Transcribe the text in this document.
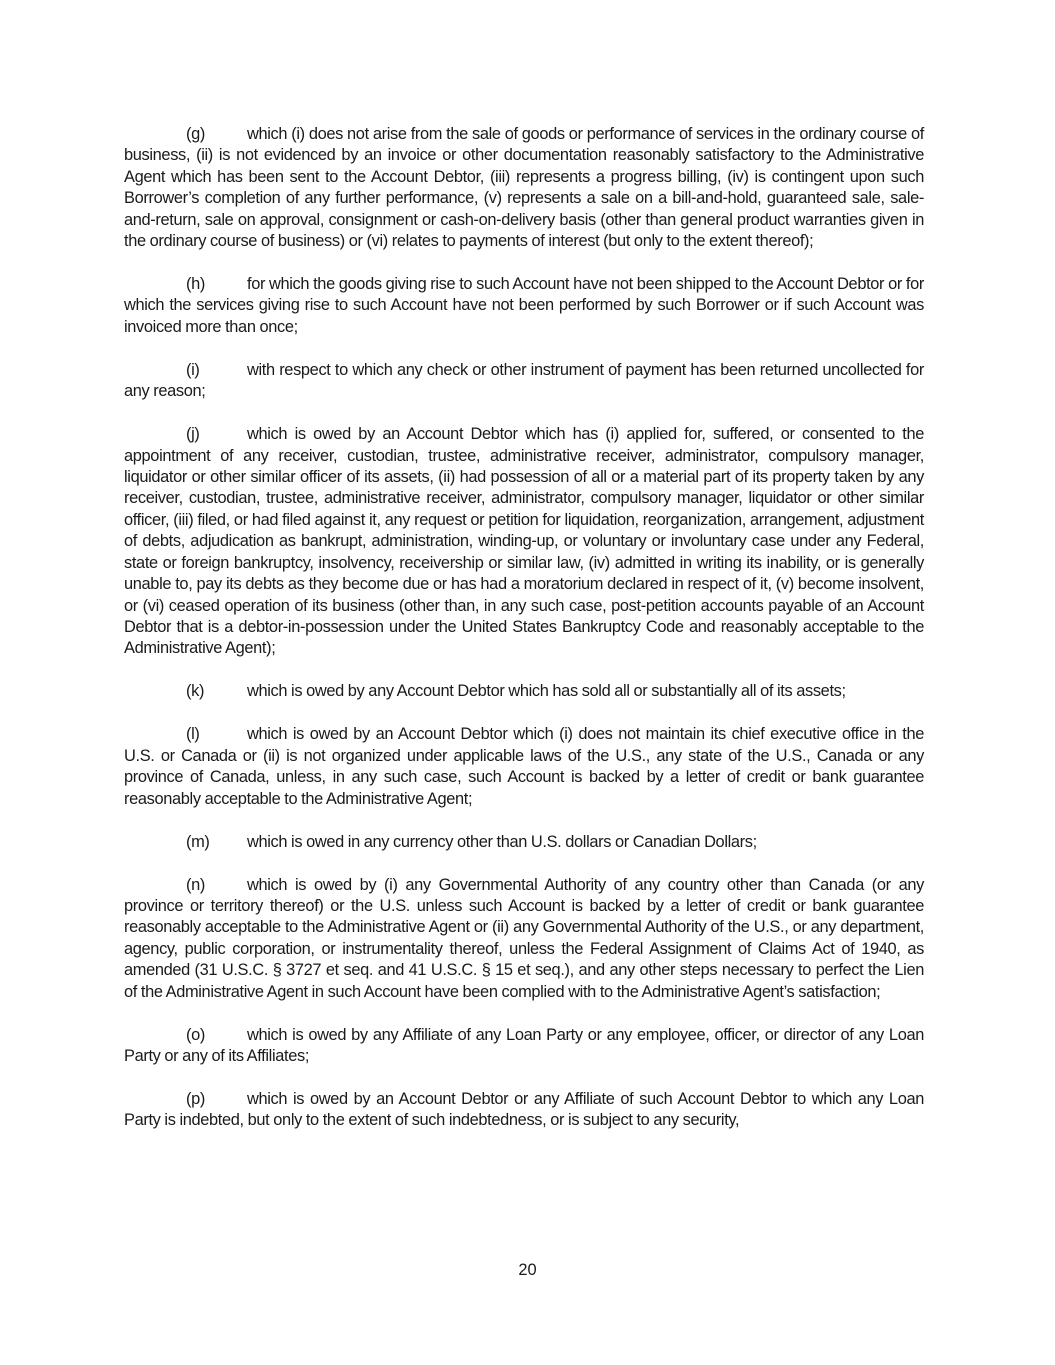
(g)	which (i) does not arise from the sale of goods or performance of services in the ordinary course of business, (ii) is not evidenced by an invoice or other documentation reasonably satisfactory to the Administrative Agent which has been sent to the Account Debtor, (iii) represents a progress billing, (iv) is contingent upon such Borrower’s completion of any further performance, (v) represents a sale on a bill-and-hold, guaranteed sale, sale-and-return, sale on approval, consignment or cash-on-delivery basis (other than general product warranties given in the ordinary course of business) or (vi) relates to payments of interest (but only to the extent thereof);

(h)	for which the goods giving rise to such Account have not been shipped to the Account Debtor or for which the services giving rise to such Account have not been performed by such Borrower or if such Account was invoiced more than once;

(i)	with respect to which any check or other instrument of payment has been returned uncollected for any reason;

(j)	which is owed by an Account Debtor which has (i) applied for, suffered, or consented to the appointment of any receiver, custodian, trustee, administrative receiver, administrator, compulsory manager, liquidator or other similar officer of its assets, (ii) had possession of all or a material part of its property taken by any receiver, custodian, trustee, administrative receiver, administrator, compulsory manager, liquidator or other similar officer, (iii) filed, or had filed against it, any request or petition for liquidation, reorganization, arrangement, adjustment of debts, adjudication as bankrupt, administration, winding-up, or voluntary or involuntary case under any Federal, state or foreign bankruptcy, insolvency, receivership or similar law, (iv) admitted in writing its inability, or is generally unable to, pay its debts as they become due or has had a moratorium declared in respect of it, (v) become insolvent, or (vi) ceased operation of its business (other than, in any such case, post-petition accounts payable of an Account Debtor that is a debtor-in-possession under the United States Bankruptcy Code and reasonably acceptable to the Administrative Agent);

(k)	which is owed by any Account Debtor which has sold all or substantially all of its assets;

(l)	which is owed by an Account Debtor which (i) does not maintain its chief executive office in the U.S. or Canada or (ii) is not organized under applicable laws of the U.S., any state of the U.S., Canada or any province of Canada, unless, in any such case, such Account is backed by a letter of credit or bank guarantee reasonably acceptable to the Administrative Agent;

(m) which is owed in any currency other than U.S. dollars or Canadian Dollars;

(n)	which is owed by (i) any Governmental Authority of any country other than Canada (or any province or territory thereof) or the U.S. unless such Account is backed by a letter of credit or bank guarantee reasonably acceptable to the Administrative Agent or (ii) any Governmental Authority of the U.S., or any department, agency, public corporation, or instrumentality thereof, unless the Federal Assignment of Claims Act of 1940, as amended (31 U.S.C. § 3727 et seq. and 41 U.S.C. § 15 et seq.), and any other steps necessary to perfect the Lien of the Administrative Agent in such Account have been complied with to the Administrative Agent’s satisfaction;

(o)	which is owed by any Affiliate of any Loan Party or any employee, officer, or director of any Loan Party or any of its Affiliates;

(p)	which is owed by an Account Debtor or any Affiliate of such Account Debtor to which any Loan Party is indebted, but only to the extent of such indebtedness, or is subject to any security,

20
